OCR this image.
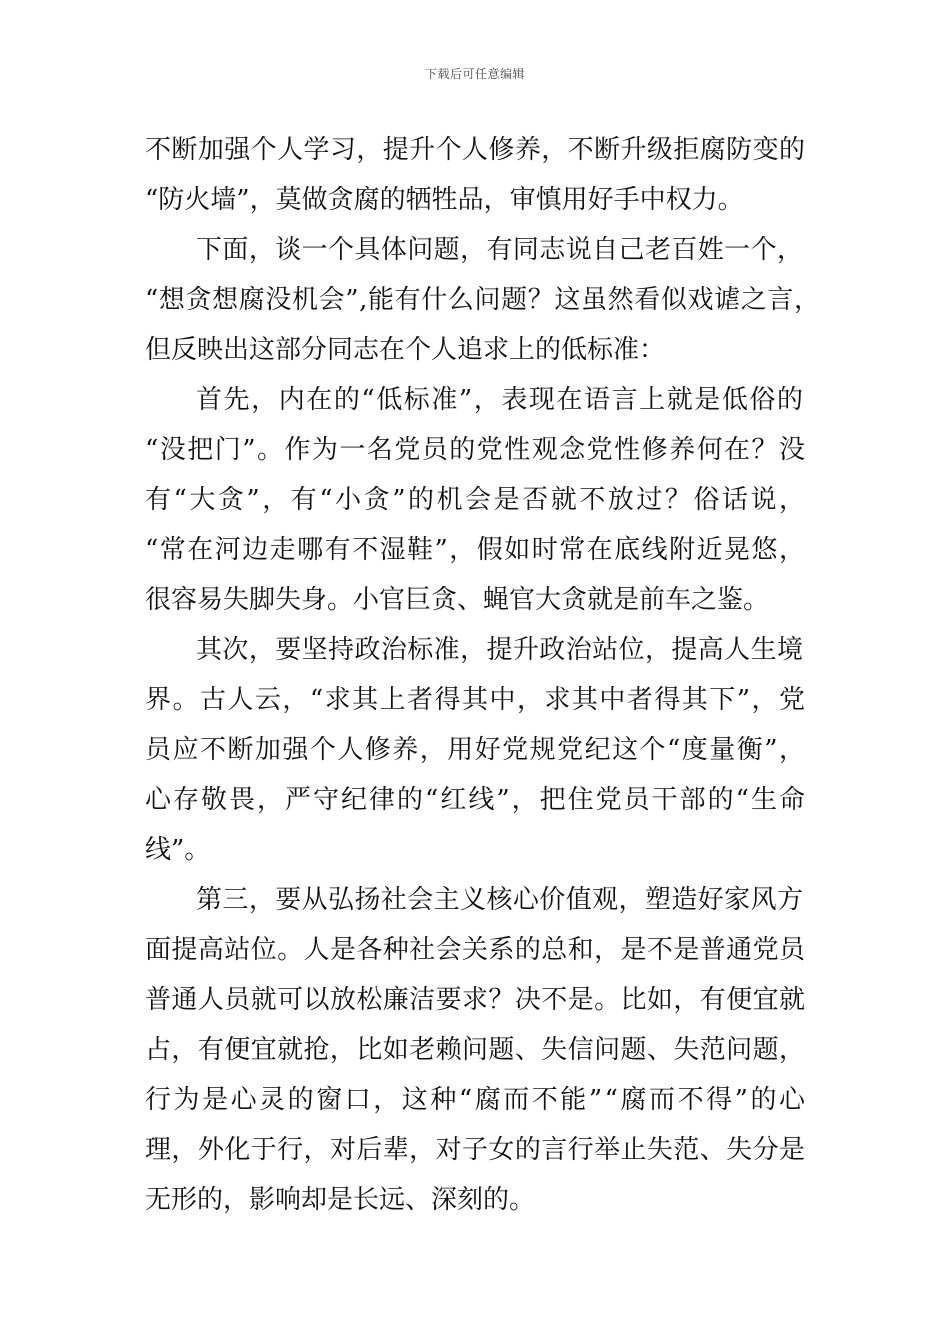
下载后可任意编辑
不断加强个人学习，提升个人修养，不断升级拒腐防变的
“防火墙”，莫做贪腐的牺牲品，审慎用好手中权力。
下面，谈一个具体问题，有同志说自己老百姓一个，
“想贪想腐没机会”,能有什么问题？这虽然看似戏谑之言，
但反映出这部分同志在个人追求上的低标准：
首先，内在的“低标准”，表现在语言上就是低俗的
“没把门”。作为一名党员的党性观念党性修养何在？没
有“大贪”，有“小贪”的机会是否就不放过？俗话说，
“常在河边走哪有不湿鞋”，假如时常在底线附近晃悠，
很容易失脚失身。小官巨贪、蝇官大贪就是前车之鉴。
其次，要坚持政治标准，提升政治站位，提高人生境
界。古人云，“求其上者得其中，求其中者得其下”，党
员应不断加强个人修养，用好党规党纪这个“度量衡”，
心存敬畏，严守纪律的“红线”，把住党员干部的“生命
线”。
第三，要从弘扬社会主义核心价值观，塑造好家风方
面提高站位。人是各种社会关系的总和，是不是普通党员
普通人员就可以放松廉洁要求？决不是。比如，有便宜就
占，有便宜就抢，比如老赖问题、失信问题、失范问题，
行为是心灵的窗口，这种“腐而不能”“腐而不得”的心
理，外化于行，对后辈，对子女的言行举止失范、失分是
无形的，影响却是长远、深刻的。
